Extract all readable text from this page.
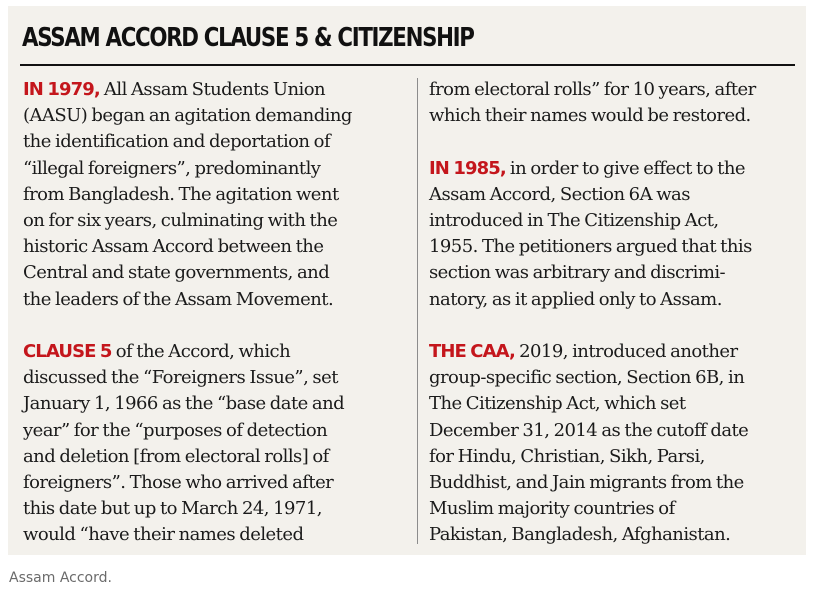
ASSAM ACCORD CLAUSE 5 & CITIZENSHIP

IN 1979, All Assam Students Union
(AASU) began an agitation demanding
the identification and deportation of
“illegal foreigners”, predominantly
from Bangladesh. The agitation went
on for six years, culminating with the
historic Assam Accord between the
Central and state governments, and
the leaders of the Assam Movement.

CLAUSE 5 of the Accord, which
discussed the “Foreigners Issue”, set
January 1, 1966 as the “base date and
year” for the “purposes of detection
and deletion [from electoral rolls] of
foreigners”. Those who arrived after
this date but up to March 24, 1971,
would “have their names deleted

from electoral rolls” for 10 years, after
which their names would be restored.

IN 1985, in order to give effect to the
Assam Accord, Section 6A was
introduced in The Citizenship Act,
1955. The petitioners argued that this
section was arbitrary and discrimi-
natory, as it applied only to Assam.

THE CAA, 2019, introduced another
group-specific section, Section 6B, in
The Citizenship Act, which set
December 31, 2014 as the cutoff date
for Hindu, Christian, Sikh, Parsi,
Buddhist, and Jain migrants from the
Muslim majority countries of
Pakistan, Bangladesh, Afghanistan.

Assam Accord.
